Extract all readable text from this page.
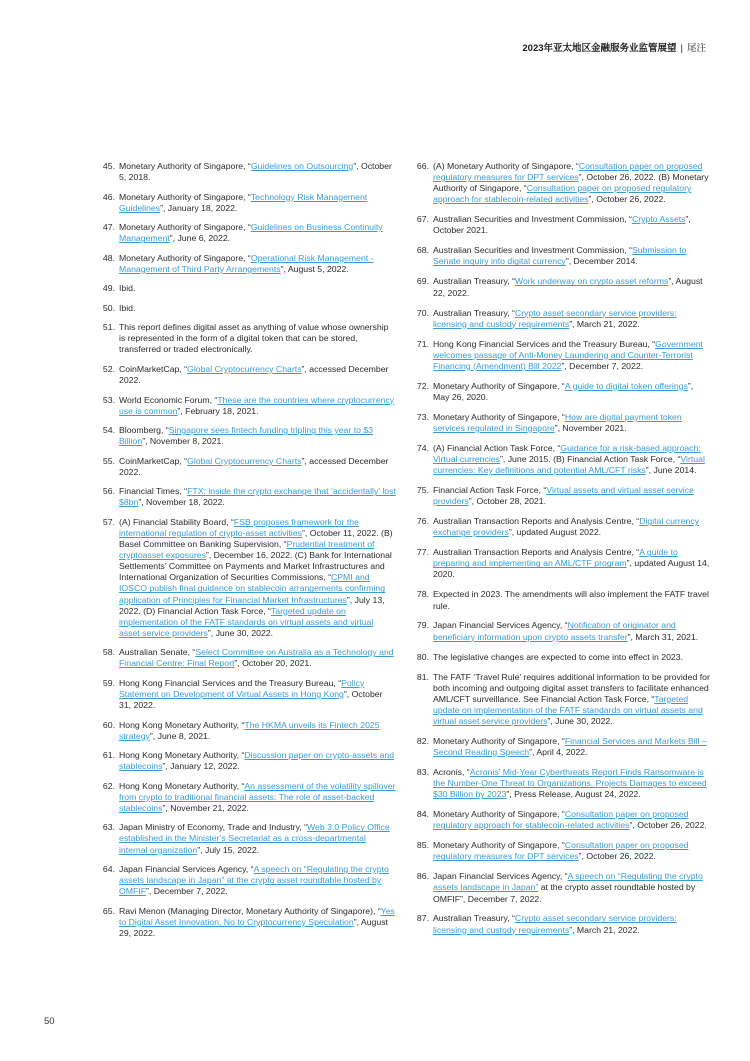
2023年亚太地区金融服务业监管展望 | 尾注
45. Monetary Authority of Singapore, “Guidelines on Outsourcing”, October 5, 2018.
46. Monetary Authority of Singapore, “Technology Risk Management Guidelines”, January 18, 2022.
47. Monetary Authority of Singapore, “Guidelines on Business Continuity Management”, June 6, 2022.
48. Monetary Authority of Singapore, “Operational Risk Management - Management of Third Party Arrangements”, August 5, 2022.
49. Ibid.
50. Ibid.
51. This report defines digital asset as anything of value whose ownership is represented in the form of a digital token that can be stored, transferred or traded electronically.
52. CoinMarketCap, “Global Cryptocurrency Charts”, accessed December 2022.
53. World Economic Forum, “These are the countries where cryptocurrency use is common”, February 18, 2021.
54. Bloomberg, “Singapore sees fintech funding tripling this year to $3 Billion”, November 8, 2021.
55. CoinMarketCap, “Global Cryptocurrency Charts”, accessed December 2022.
56. Financial Times, “FTX: inside the crypto exchange that ‘accidentally’ lost $8bn”, November 18, 2022.
57. (A) Financial Stability Board, “FSB proposes framework for the international regulation of crypto-asset activities”, October 11, 2022. (B) Basel Committee on Banking Supervision, “Prudential treatment of cryptoasset exposures”, December 16, 2022. (C) Bank for International Settlements’ Committee on Payments and Market Infrastructures and International Organization of Securities Commissions, “CPMI and IOSCO publish final guidance on stablecoin arrangements confirming application of Principles for Financial Market Infrastructures”, July 13, 2022. (D) Financial Action Task Force, “Targeted update on implementation of the FATF standards on virtual assets and virtual asset service providers”, June 30, 2022.
58. Australian Senate, “Select Committee on Australia as a Technology and Financial Centre: Final Report”, October 20, 2021.
59. Hong Kong Financial Services and the Treasury Bureau, “Policy Statement on Development of Virtual Assets in Hong Kong”, October 31, 2022.
60. Hong Kong Monetary Authority, “The HKMA unveils its Fintech 2025 strategy”, June 8, 2021.
61. Hong Kong Monetary Authority, “Discussion paper on crypto-assets and stablecoins”, January 12, 2022.
62. Hong Kong Monetary Authority, “An assessment of the volatility spillover from crypto to traditional financial assets: The role of asset-backed stablecoins”, November 21, 2022.
63. Japan Ministry of Economy, Trade and Industry, “Web 3.0 Policy Office established in the Minister’s Secretariat as a cross-departmental internal organization”, July 15, 2022.
64. Japan Financial Services Agency, “A speech on “Regulating the crypto assets landscape in Japan” at the crypto asset roundtable hosted by OMFIF”, December 7, 2022.
65. Ravi Menon (Managing Director, Monetary Authority of Singapore), “Yes to Digital Asset Innovation, No to Cryptocurrency Speculation”, August 29, 2022.
66. (A) Monetary Authority of Singapore, “Consultation paper on proposed regulatory measures for DPT services”, October 26, 2022. (B) Monetary Authority of Singapore, “Consultation paper on proposed regulatory approach for stablecoin-related activities”, October 26, 2022.
67. Australian Securities and Investment Commission, “Crypto Assets”, October 2021.
68. Australian Securities and Investment Commission, “Submission to Senate inquiry into digital currency”, December 2014.
69. Australian Treasury, “Work underway on crypto asset reforms”, August 22, 2022.
70. Australian Treasury, “Crypto asset secondary service providers: licensing and custody requirements”, March 21, 2022.
71. Hong Kong Financial Services and the Treasury Bureau, “Government welcomes passage of Anti-Money Laundering and Counter-Terrorist Financing (Amendment) Bill 2022”, December 7, 2022.
72. Monetary Authority of Singapore, “A guide to digital token offerings”, May 26, 2020.
73. Monetary Authority of Singapore, “How are digital payment token services regulated in Singapore”, November 2021.
74. (A) Financial Action Task Force, “Guidance for a risk-based approach: Virtual currencies”, June 2015. (B) Financial Action Task Force, “Virtual currencies: Key definitions and potential AML/CFT risks”, June 2014.
75. Financial Action Task Force, “Virtual assets and virtual asset service providers”, October 28, 2021.
76. Australian Transaction Reports and Analysis Centre, “Digital currency exchange providers”, updated August 2022.
77. Australian Transaction Reports and Analysis Centre, “A guide to preparing and implementing an AML/CTF program”, updated August 14, 2020.
78. Expected in 2023. The amendments will also implement the FATF travel rule.
79. Japan Financial Services Agency, “Notification of originator and beneficiary information upon crypto assets transfer”, March 31, 2021.
80. The legislative changes are expected to come into effect in 2023.
81. The FATF ‘Travel Rule’ requires additional information to be provided for both incoming and outgoing digital asset transfers to facilitate enhanced AML/CFT surveillance. See Financial Action Task Force, “Targeted update on implementation of the FATF standards on virtual assets and virtual asset service providers”, June 30, 2022.
82. Monetary Authority of Singapore, “Financial Services and Markets Bill – Second Reading Speech”, April 4, 2022.
83. Acronis, “Acronis’ Mid-Year Cyberthreats Report Finds Ransomware is the Number-One Threat to Organizations, Projects Damages to exceed $30 Billion by 2023”, Press Release, August 24, 2022.
84. Monetary Authority of Singapore, “Consultation paper on proposed regulatory approach for stablecoin-related activities”, October 26, 2022.
85. Monetary Authority of Singapore, “Consultation paper on proposed regulatory measures for DPT services”, October 26, 2022.
86. Japan Financial Services Agency, “A speech on “Regulating the crypto assets landscape in Japan” at the crypto asset roundtable hosted by OMFIF”, December 7, 2022.
87. Australian Treasury, “Crypto asset secondary service providers: licensing and custody requirements”, March 21, 2022.
50
